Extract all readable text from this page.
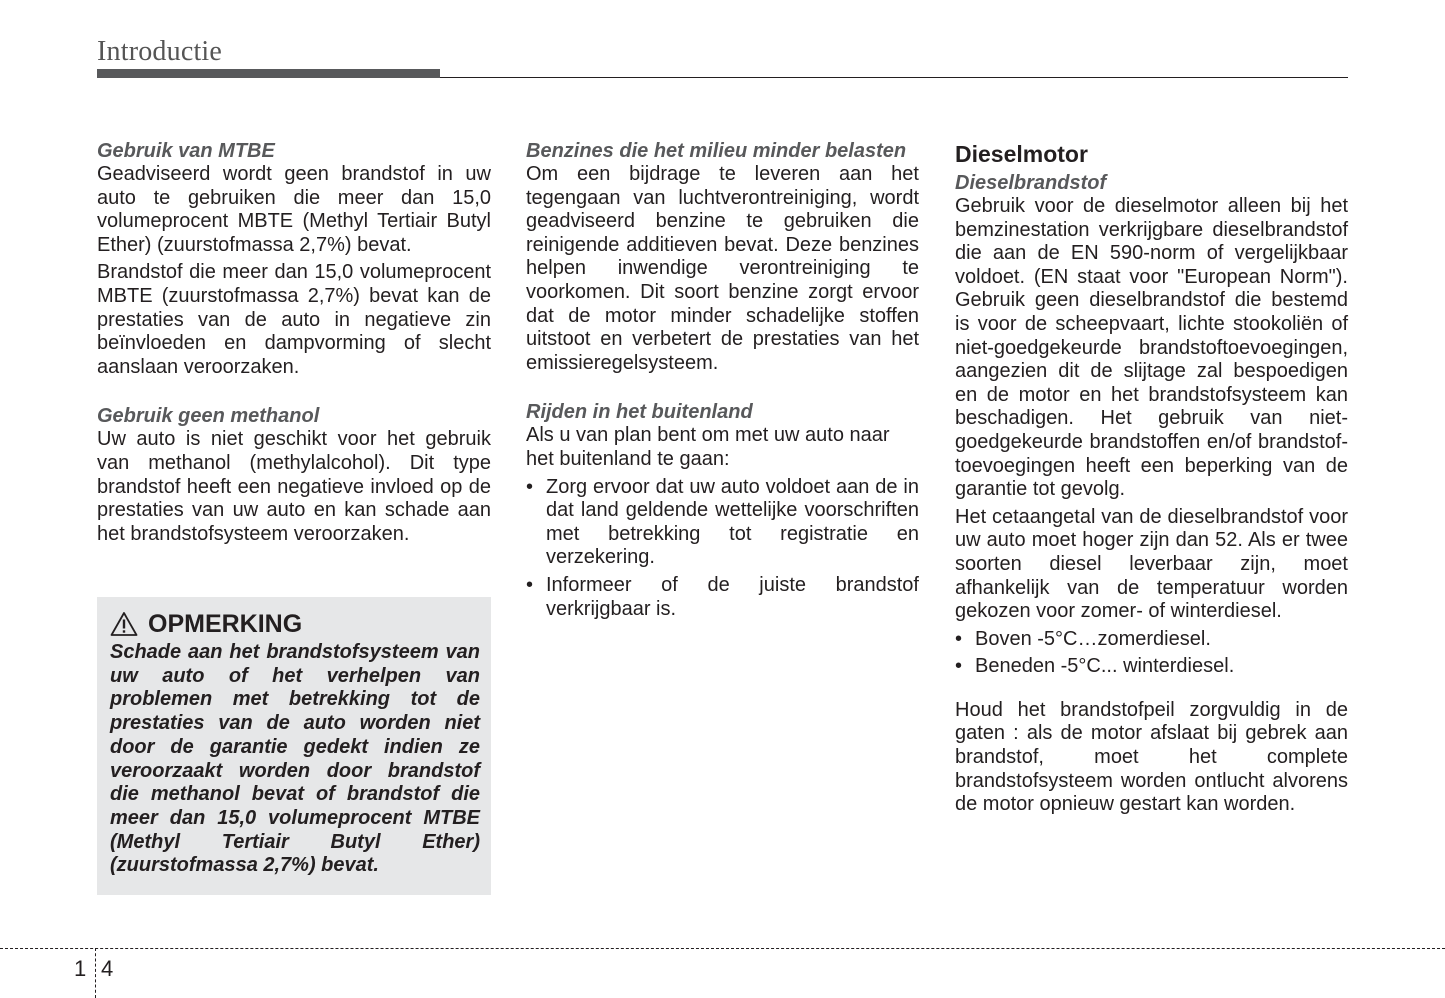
Introductie
Gebruik van MTBE

Geadviseerd wordt geen brandstof in uw auto te gebruiken die meer dan 15,0 volumeprocent MBTE (Methyl Tertiair Butyl Ether) (zuurstofmassa 2,7%) bevat.

Brandstof die meer dan 15,0 volumeprocent MBTE (zuurstofmassa 2,7%) bevat kan de prestaties van de auto in negatieve zin beïnvloeden en dampvorming of slecht aanslaan veroorzaken.

Gebruik geen methanol

Uw auto is niet geschikt voor het gebruik van methanol (methylalcohol). Dit type brandstof heeft een negatieve invloed op de prestaties van uw auto en kan schade aan het brandstofsysteem veroorzaken.

OPMERKING

Schade aan het brandstofsysteem van uw auto of het verhelpen van problemen met betrekking tot de prestaties van de auto worden niet door de garantie gedekt indien ze veroorzaakt worden door brandstof die methanol bevat of brandstof die meer dan 15,0 volumeprocent MTBE (Methyl Tertiair Butyl Ether) (zuurstofmassa 2,7%) bevat.

Benzines die het milieu minder belasten

Om een bijdrage te leveren aan het tegengaan van luchtverontreiniging, wordt geadviseerd benzine te gebruiken die reinigende additieven bevat. Deze benzines helpen inwendige verontreiniging te voorkomen. Dit soort benzine zorgt ervoor dat de motor minder schadelijke stoffen uitstoot en verbetert de prestaties van het emissieregelsysteem.

Rijden in het buitenland

Als u van plan bent om met uw auto naar het buitenland te gaan:

• Zorg ervoor dat uw auto voldoet aan de in dat land geldende wettelijke voorschriften met betrekking tot registratie en verzekering.
• Informeer of de juiste brandstof verkrijgbaar is.
Dieselmotor
Dieselbrandstof

Gebruik voor de dieselmotor alleen bij het bemzinestation verkrijgbare dieselbrandstof die aan de EN 590-norm of vergelijkbaar voldoet. (EN staat voor "European Norm"). Gebruik geen dieselbrandstof die bestemd is voor de scheepvaart, lichte stookoliën of niet-goedgekeurde brandstoftoevoegingen, aangezien dit de slijtage zal bespoedigen en de motor en het brandstofsysteem kan beschadigen. Het gebruik van niet-goedgekeurde brandstoffen en/of brandstof-toevoegingen heeft een beperking van de garantie tot gevolg.

Het cetaangetal van de dieselbrandstof voor uw auto moet hoger zijn dan 52. Als er twee soorten diesel leverbaar zijn, moet afhankelijk van de temperatuur worden gekozen voor zomer- of winterdiesel.

• Boven -5°C…zomerdiesel.
• Beneden -5°C... winterdiesel.

Houd het brandstofpeil zorgvuldig in de gaten : als de motor afslaat bij gebrek aan brandstof, moet het complete brandstofsysteem worden ontlucht alvorens de motor opnieuw gestart kan worden.

1 4
